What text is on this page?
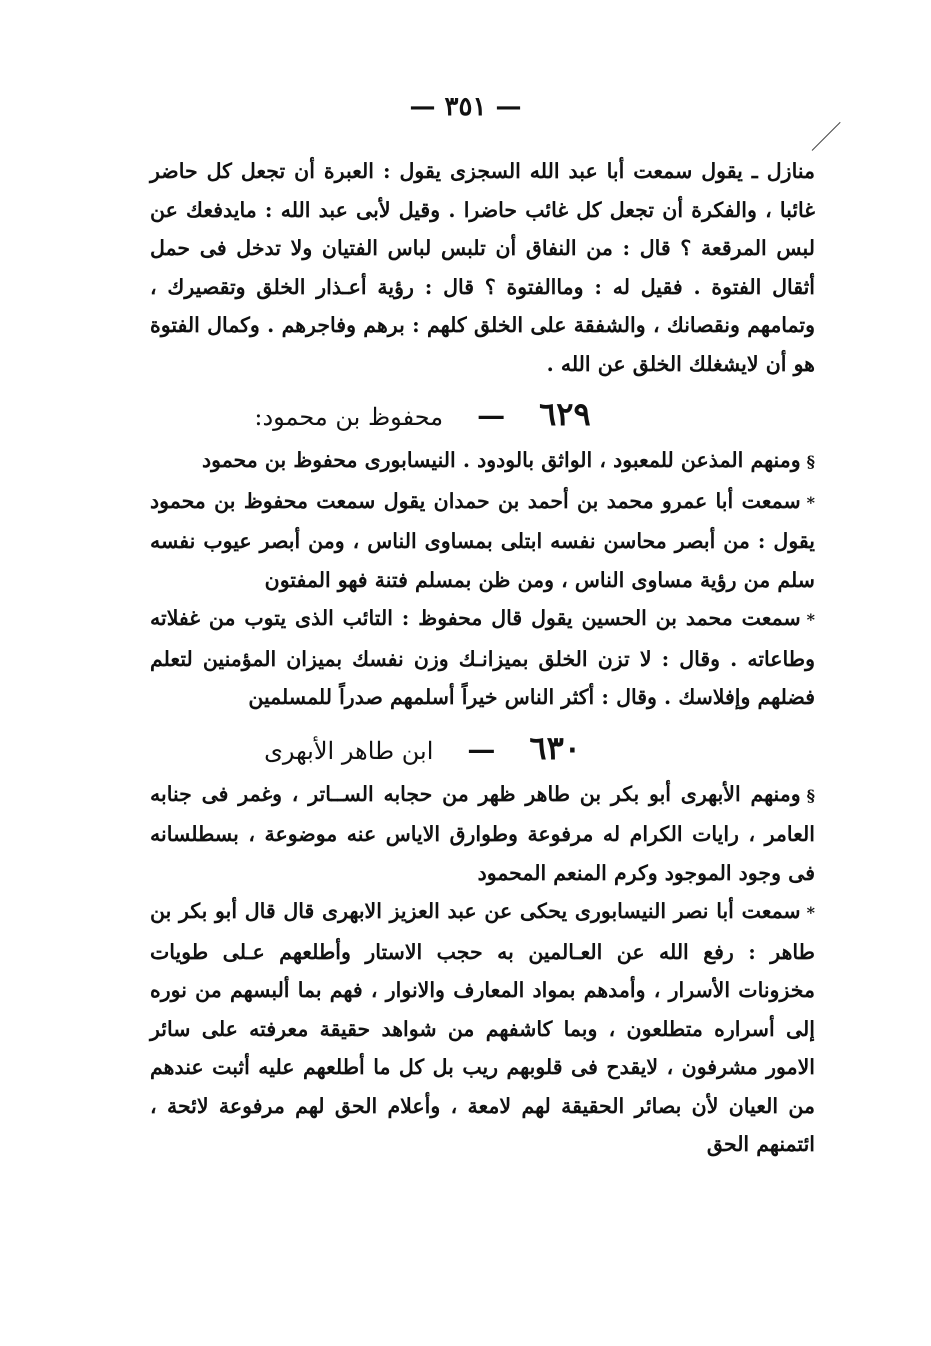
— ٣٥١ —

منازل ـ يقول سمعت أبا عبد الله السجزى يقول : العبرة أن تجعل كل حاضر غائبا ، والفكرة أن تجعل كل غائب حاضرا . وقيل لأبى عبد الله : مايدفعك عن لبس المرقعة ؟ قال : من النفاق أن تلبس لباس الفتيان ولا تدخل فى حمل أثقال الفتوة . فقيل له : وماالفتوة ؟ قال : رؤية أعـذار الخلق وتقصيرك ، وتمامهم ونقصانك ، والشفقة على الخلق كلهم : برهم وفاجرهم . وكمال الفتوة هو أن لايشغلك الخلق عن الله .

٦٢٩
—
محفوظ بن محمود:

§ومنهم المذعن للمعبود ، الواثق بالودود . النيسابورى محفوظ بن محمود

*سمعت أبا عمرو محمد بن أحمد بن حمدان يقول سمعت محفوظ بن محمود يقول : من أبصر محاسن نفسه ابتلى بمساوى الناس ، ومن أبصر عيوب نفسه سلم من رؤية مساوى الناس ، ومن ظن بمسلم فتنة فهو المفتون

*سمعت محمد بن الحسين يقول قال محفوظ : التائب الذى يتوب من غفلاته وطاعاته . وقال : لا تزن الخلق بميزانـك وزن نفسك بميزان المؤمنين لتعلم فضلهم وإفلاسك . وقال : أكثر الناس خيراً أسلمهم صدراً للمسلمين

٦٣٠
—
ابن طاهر الأبهرى

§ومنهم الأبهرى أبو بكر بن طاهر ظهر من حجابه الســاتر ، وغمر فى جنابه العامر ، رايات الكرام له مرفوعة وطوارق الاياس عنه موضوعة ، بسطلسانه فى وجود الموجود وكرم المنعم المحمود

*سمعت أبا نصر النيسابورى يحكى عن عبد العزيز الابهرى قال قال أبو بكر بن طاهر : رفع الله عن العـالمين به حجب الاستار وأطلعهم عـلى طويات مخزونات الأسرار ، وأمدهم بمواد المعارف والانوار ، فهم بما ألبسهم من نوره إلى أسراره متطلعون ، وبما كاشفهم من شواهد حقيقة معرفته على سائر الامور مشرفون ، لايقدح فى قلوبهم ريب بل كل ما أطلعهم عليه أثبت عندهم من العيان لأن بصائر الحقيقة لهم لامعة ، وأعلام الحق لهم مرفوعة لائحة ، ائتمنهم الحق
